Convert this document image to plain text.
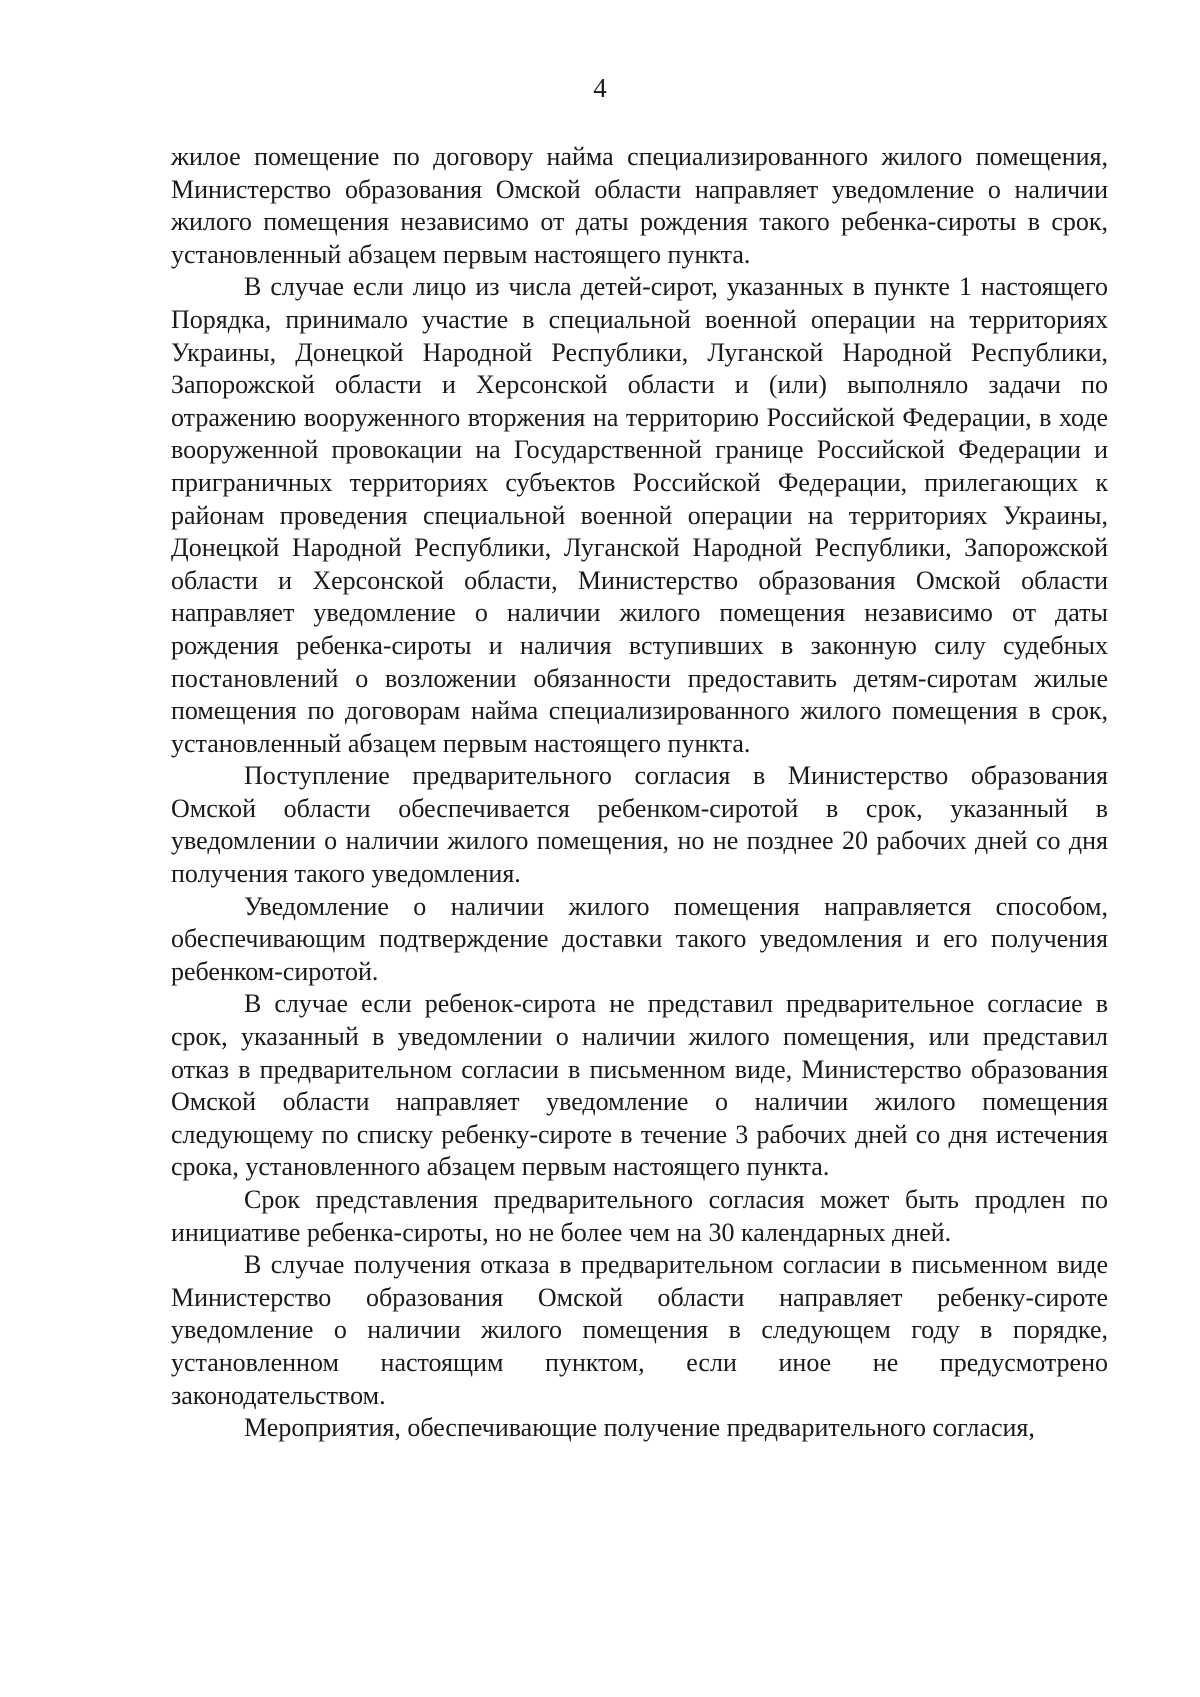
4

жилое помещение по договору найма специализированного жилого помещения, Министерство образования Омской области направляет уведомление о наличии жилого помещения независимо от даты рождения такого ребенка-сироты в срок, установленный абзацем первым настоящего пункта.

В случае если лицо из числа детей-сирот, указанных в пункте 1 настоящего Порядка, принимало участие в специальной военной операции на территориях Украины, Донецкой Народной Республики, Луганской Народной Республики, Запорожской области и Херсонской области и (или) выполняло задачи по отражению вооруженного вторжения на территорию Российской Федерации, в ходе вооруженной провокации на Государственной границе Российской Федерации и приграничных территориях субъектов Российской Федерации, прилегающих к районам проведения специальной военной операции на территориях Украины, Донецкой Народной Республики, Луганской Народной Республики, Запорожской области и Херсонской области, Министерство образования Омской области направляет уведомление о наличии жилого помещения независимо от даты рождения ребенка-сироты и наличия вступивших в законную силу судебных постановлений о возложении обязанности предоставить детям-сиротам жилые помещения по договорам найма специализированного жилого помещения в срок, установленный абзацем первым настоящего пункта.

Поступление предварительного согласия в Министерство образования Омской области обеспечивается ребенком-сиротой в срок, указанный в уведомлении о наличии жилого помещения, но не позднее 20 рабочих дней со дня получения такого уведомления.

Уведомление о наличии жилого помещения направляется способом, обеспечивающим подтверждение доставки такого уведомления и его получения ребенком-сиротой.

В случае если ребенок-сирота не представил предварительное согласие в срок, указанный в уведомлении о наличии жилого помещения, или представил отказ в предварительном согласии в письменном виде, Министерство образования Омской области направляет уведомление о наличии жилого помещения следующему по списку ребенку-сироте в течение 3 рабочих дней со дня истечения срока, установленного абзацем первым настоящего пункта.

Срок представления предварительного согласия может быть продлен по инициативе ребенка-сироты, но не более чем на 30 календарных дней.

В случае получения отказа в предварительном согласии в письменном виде Министерство образования Омской области направляет ребенку-сироте уведомление о наличии жилого помещения в следующем году в порядке, установленном настоящим пунктом, если иное не предусмотрено законодательством.

Мероприятия, обеспечивающие получение предварительного согласия,
